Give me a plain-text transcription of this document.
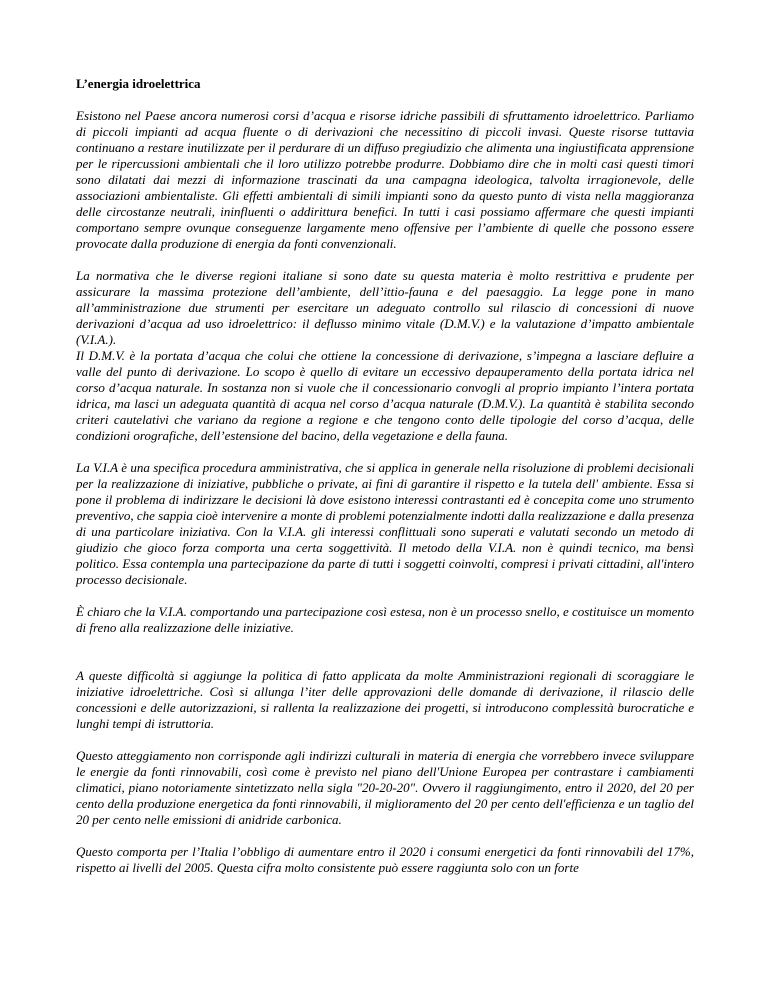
L’energia idroelettrica

Esistono nel Paese ancora numerosi corsi d’acqua e risorse idriche passibili di sfruttamento idroelettrico. Parliamo di piccoli impianti ad acqua fluente o di derivazioni che necessitino di piccoli invasi. Queste risorse tuttavia continuano a restare inutilizzate per il perdurare di un diffuso pregiudizio che alimenta una ingiustificata apprensione per le ripercussioni ambientali che il loro utilizzo potrebbe produrre. Dobbiamo dire che in molti casi questi timori sono dilatati dai mezzi di informazione trascinati da una campagna ideologica, talvolta irragionevole, delle associazioni ambientaliste. Gli effetti ambientali di simili impianti sono da questo punto di vista nella maggioranza delle circostanze neutrali, ininfluenti o addirittura benefici. In tutti i casi possiamo affermare che questi impianti comportano sempre ovunque conseguenze largamente meno offensive per l’ambiente di quelle che possono essere provocate dalla produzione di energia da fonti convenzionali.

La normativa che le diverse regioni italiane si sono date su questa materia è molto restrittiva e prudente per assicurare la massima protezione dell’ambiente, dell’ittio-fauna e del paesaggio. La legge pone in mano all’amministrazione due strumenti per esercitare un adeguato controllo sul rilascio di concessioni di nuove derivazioni d’acqua ad uso idroelettrico: il deflusso minimo vitale (D.M.V.) e la valutazione d’impatto ambientale (V.I.A.).

Il D.M.V. è la portata d’acqua che colui che ottiene la concessione di derivazione, s’impegna a lasciare defluire a valle del punto di derivazione. Lo scopo è quello di evitare un eccessivo depauperamento della portata idrica nel corso d’acqua naturale. In sostanza non si vuole che il concessionario convogli al proprio impianto l’intera portata idrica, ma lasci un adeguata quantità di acqua nel corso d’acqua naturale (D.M.V.). La quantità è stabilita secondo criteri cautelativi che variano da regione a regione e che tengono conto delle tipologie del corso d’acqua, delle condizioni orografiche, dell’estensione del bacino, della vegetazione e della fauna.

La V.I.A è una specifica procedura amministrativa, che si applica in generale nella risoluzione di problemi decisionali per la realizzazione di iniziative, pubbliche o private, ai fini di garantire il rispetto e la tutela dell' ambiente. Essa si pone il problema di indirizzare le decisioni là dove esistono interessi contrastanti ed è concepita come uno strumento preventivo, che sappia cioè intervenire a monte di problemi potenzialmente indotti dalla realizzazione e dalla presenza di una particolare iniziativa. Con la V.I.A. gli interessi conflittuali sono superati e valutati secondo un metodo di giudizio che gioco forza comporta una certa soggettività. Il metodo della V.I.A. non è quindi tecnico, ma bensì politico. Essa contempla una partecipazione da parte di tutti i soggetti coinvolti, compresi i privati cittadini, all'intero processo decisionale.

È chiaro che la V.I.A. comportando una partecipazione così estesa, non è un processo snello, e costituisce un momento di freno alla realizzazione delle iniziative.

A queste difficoltà si aggiunge la politica di fatto applicata da molte Amministrazioni regionali di scoraggiare le iniziative idroelettriche. Così si allunga l’iter delle approvazioni delle domande di derivazione, il rilascio delle concessioni e delle autorizzazioni, si rallenta la realizzazione dei progetti, si introducono complessità burocratiche e lunghi tempi di istruttoria.

Questo atteggiamento non corrisponde agli indirizzi culturali in materia di energia che vorrebbero invece sviluppare le energie da fonti rinnovabili, così come è previsto nel piano dell'Unione Europea per contrastare i cambiamenti climatici, piano notoriamente sintetizzato nella sigla "20-20-20". Ovvero il raggiungimento, entro il 2020, del 20 per cento della produzione energetica da fonti rinnovabili, il miglioramento del 20 per cento dell'efficienza e un taglio del 20 per cento nelle emissioni di anidride carbonica.

Questo comporta per l’Italia l’obbligo di aumentare entro il 2020 i consumi energetici da fonti rinnovabili del 17%, rispetto ai livelli del 2005. Questa cifra molto consistente può essere raggiunta solo con un forte
